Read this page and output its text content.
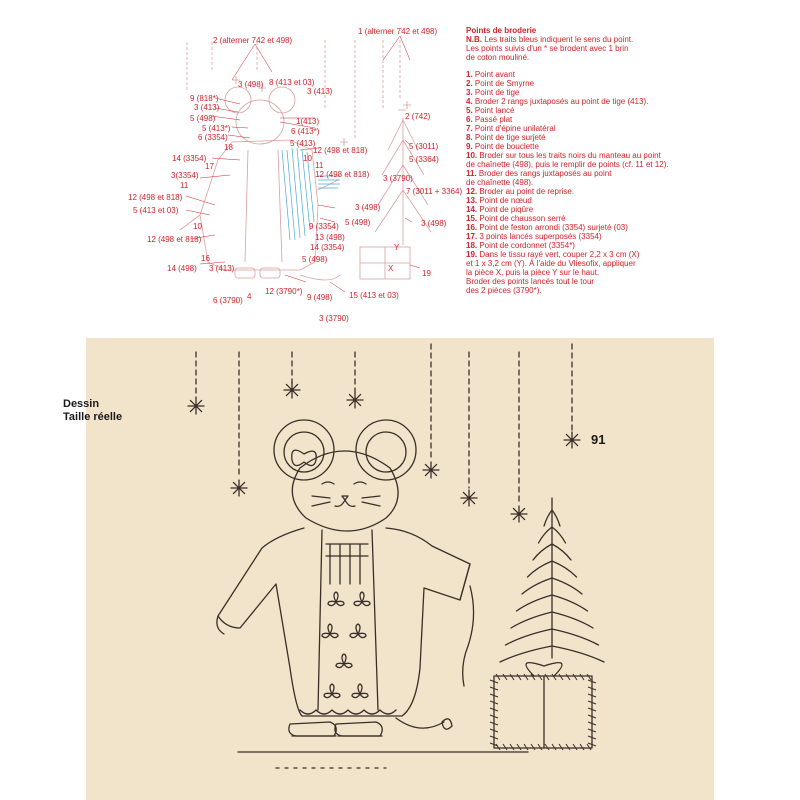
2 (alterner 742 et 498)
1 (alterner 742 et 498)
3 (498) 8 (413 et 03)
3 (413)
9 (818*)
3 (413)
5 (498)
5 (413*)
6 (3354)
18
1(413)
6 (413*)
5 (413)
2 (742)
12 (498 et 818)
10
5 (3011)
14 (3354)
17	11
5 (3364)
3(3354)	12 (498 et 818) 3 (3790)
11
7 (3011 + 3364)
12 (498 et 818)
3 (498)
5 (413 et 03)
5 (498)	3 (498)
10	9 (3354)
12 (498 et 818)	13 (498)
14 (3354)	Y
16	5 (498)
14 (498) 3 (413)	X
19
12 (3790*)
9 (498) 15 (413 et 03)
6 (3790) 4
3 (3790)
Points de broderie
N.B. Les traits bleus indiquent le sens du point.
Les points suivis d'un * se brodent avec 1 brin
de coton mouliné.
1. Point avant
2. Point de Smyrne
3. Point de tige
4. Broder 2 rangs juxtaposés au point de tige (413).
5. Point lancé
6. Passé plat
7. Point d'épine unilatéral
8. Point de tige surjeté
9. Point de bouclette
10. Broder sur tous les traits noirs du manteau au point
de chaînette (498), puis le remplir de points (cf. 11 et 12).
11. Broder des rangs juxtaposés au point
de chaînette (498).
12. Broder au point de reprise.
13. Point de nœud
14. Point de piqûre
15. Point de chausson serré
16. Point de feston arrondi (3354) surjeté (03)
17. 3 points lancés superposés (3354)
18. Point de cordonnet (3354*)
19. Dans le tissu rayé vert, couper 2,2 x 3 cm (X)
et 1 x 3,2 cm (Y). À l'aide du Vliesofix, appliquer
la pièce X, puis la pièce Y sur le haut.
Broder des points lancés tout le tour
des 2 pièces (3790*).
Dessin
Taille réelle
91
